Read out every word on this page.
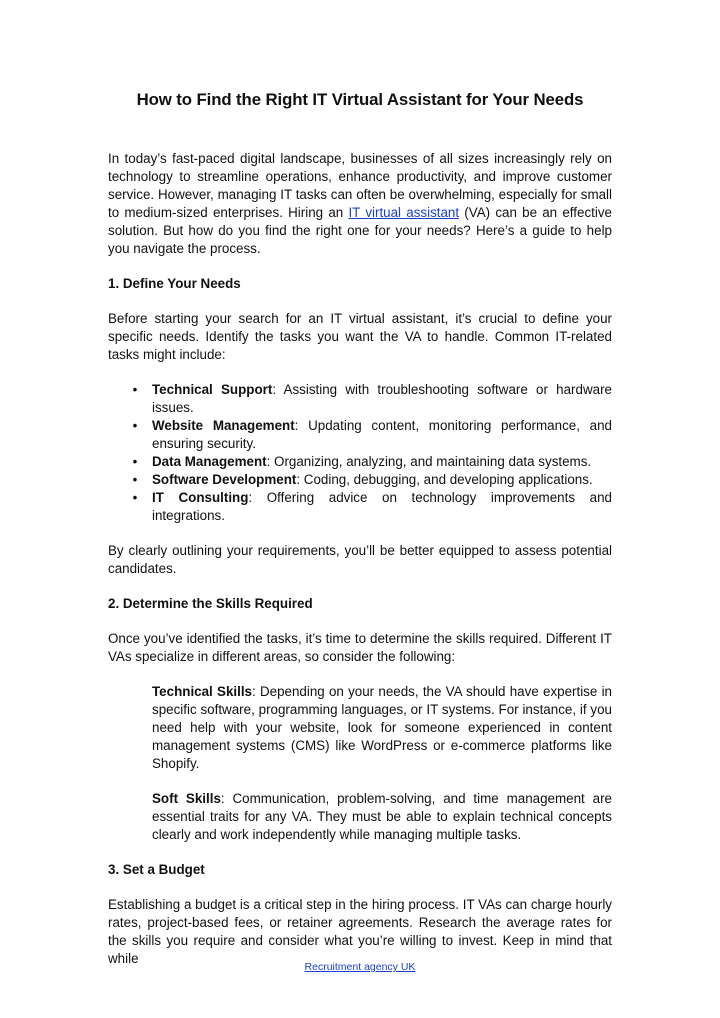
How to Find the Right IT Virtual Assistant for Your Needs

In today’s fast-paced digital landscape, businesses of all sizes increasingly rely on technology to streamline operations, enhance productivity, and improve customer service. However, managing IT tasks can often be overwhelming, especially for small to medium-sized enterprises. Hiring an IT virtual assistant (VA) can be an effective solution. But how do you find the right one for your needs? Here’s a guide to help you navigate the process.

1. Define Your Needs

Before starting your search for an IT virtual assistant, it’s crucial to define your specific needs. Identify the tasks you want the VA to handle. Common IT-related tasks might include:

• Technical Support: Assisting with troubleshooting software or hardware issues.
• Website Management: Updating content, monitoring performance, and ensuring security.
• Data Management: Organizing, analyzing, and maintaining data systems.
• Software Development: Coding, debugging, and developing applications.
• IT Consulting: Offering advice on technology improvements and integrations.

By clearly outlining your requirements, you’ll be better equipped to assess potential candidates.

2. Determine the Skills Required

Once you’ve identified the tasks, it’s time to determine the skills required. Different IT VAs specialize in different areas, so consider the following:

Technical Skills: Depending on your needs, the VA should have expertise in specific software, programming languages, or IT systems. For instance, if you need help with your website, look for someone experienced in content management systems (CMS) like WordPress or e-commerce platforms like Shopify.

Soft Skills: Communication, problem-solving, and time management are essential traits for any VA. They must be able to explain technical concepts clearly and work independently while managing multiple tasks.

3. Set a Budget

Establishing a budget is a critical step in the hiring process. IT VAs can charge hourly rates, project-based fees, or retainer agreements. Research the average rates for the skills you require and consider what you’re willing to invest. Keep in mind that while

Recruitment agency UK
